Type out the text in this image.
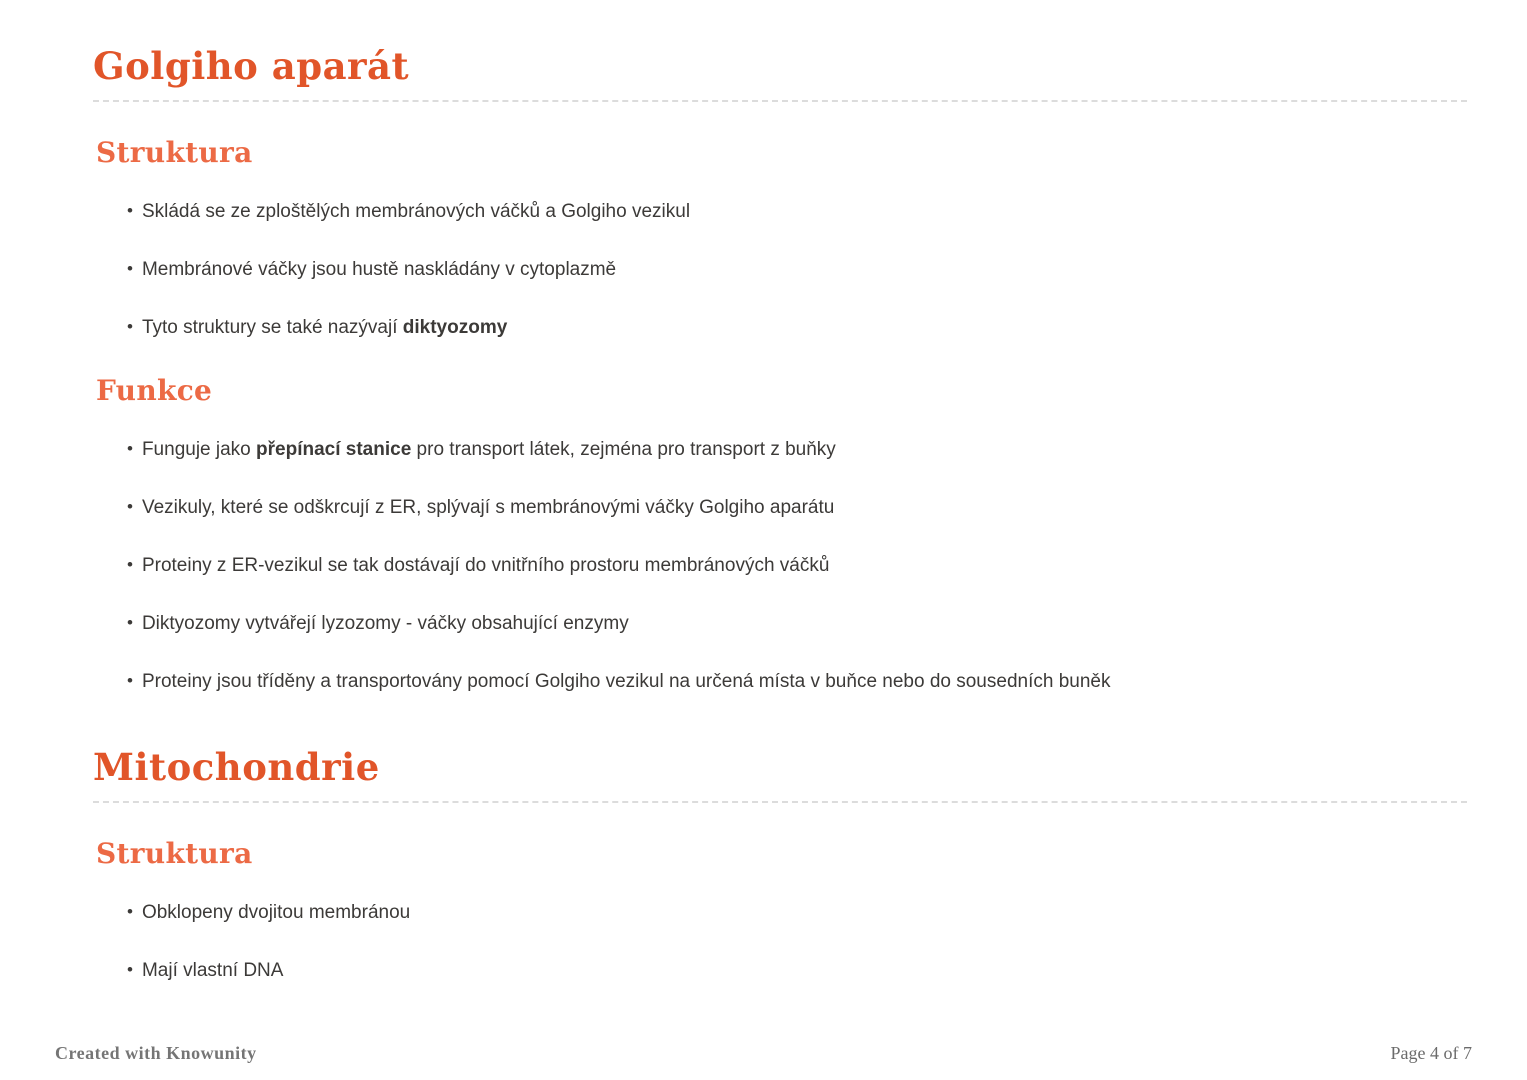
Golgiho aparát
Struktura
• Skládá se ze zploštělých membránových váčků a Golgiho vezikul
• Membránové váčky jsou hustě naskládány v cytoplazmě
• Tyto struktury se také nazývají diktyozomy
Funkce
• Funguje jako přepínací stanice pro transport látek, zejména pro transport z buňky
• Vezikuly, které se odškrcují z ER, splývají s membránovými váčky Golgiho aparátu
• Proteiny z ER-vezikul se tak dostávají do vnitřního prostoru membránových váčků
• Diktyozomy vytvářejí lyzozomy - váčky obsahující enzymy
• Proteiny jsou tříděny a transportovány pomocí Golgiho vezikul na určená místa v buňce nebo do sousedních buněk
Mitochondrie
Struktura
• Obklopeny dvojitou membránou
• Mají vlastní DNA
Created with Knowunity	Page 4 of 7
